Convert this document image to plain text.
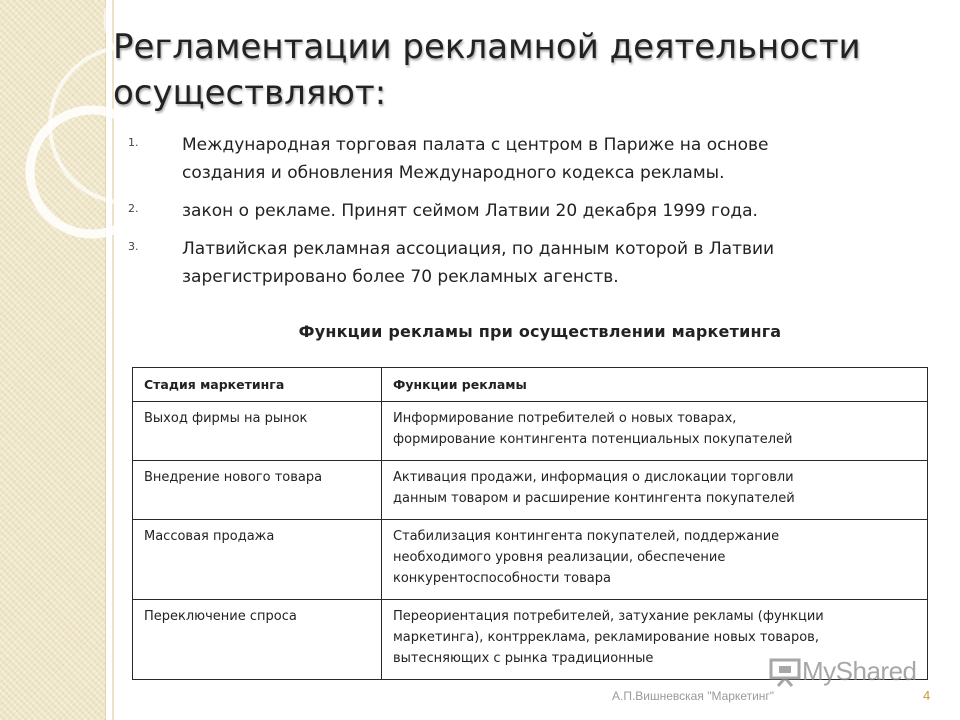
Регламентации рекламной деятельности
осуществляют:
1.	Международная торговая палата с центром в Париже на основе
создания и обновления Международного кодекса рекламы.
2.	закон о рекламе. Принят сеймом Латвии 20 декабря 1999 года.
3.	Латвийская рекламная ассоциация, по данным которой в Латвии
зарегистрировано более 70 рекламных агенств.
Функции рекламы при осуществлении маркетинга
Стадия маркетинга	Функции рекламы
Выход фирмы на рынок	Информирование потребителей о новых товарах,
формирование контингента потенциальных покупателей
Внедрение нового товара	Активация продажи, информация о дислокации торговли
данным товаром и расширение контингента покупателей
Массовая продажа	Стабилизация контингента покупателей, поддержание
необходимого уровня реализации, обеспечение
конкурентоспособности товара
Переключение спроса	Переориентация потребителей, затухание рекламы (функции
маркетинга), контрреклама, рекламирование новых товаров,
вытесняющих с рынка традиционные	MyShared
А.П.Вишневская "Маркетинг"	4
